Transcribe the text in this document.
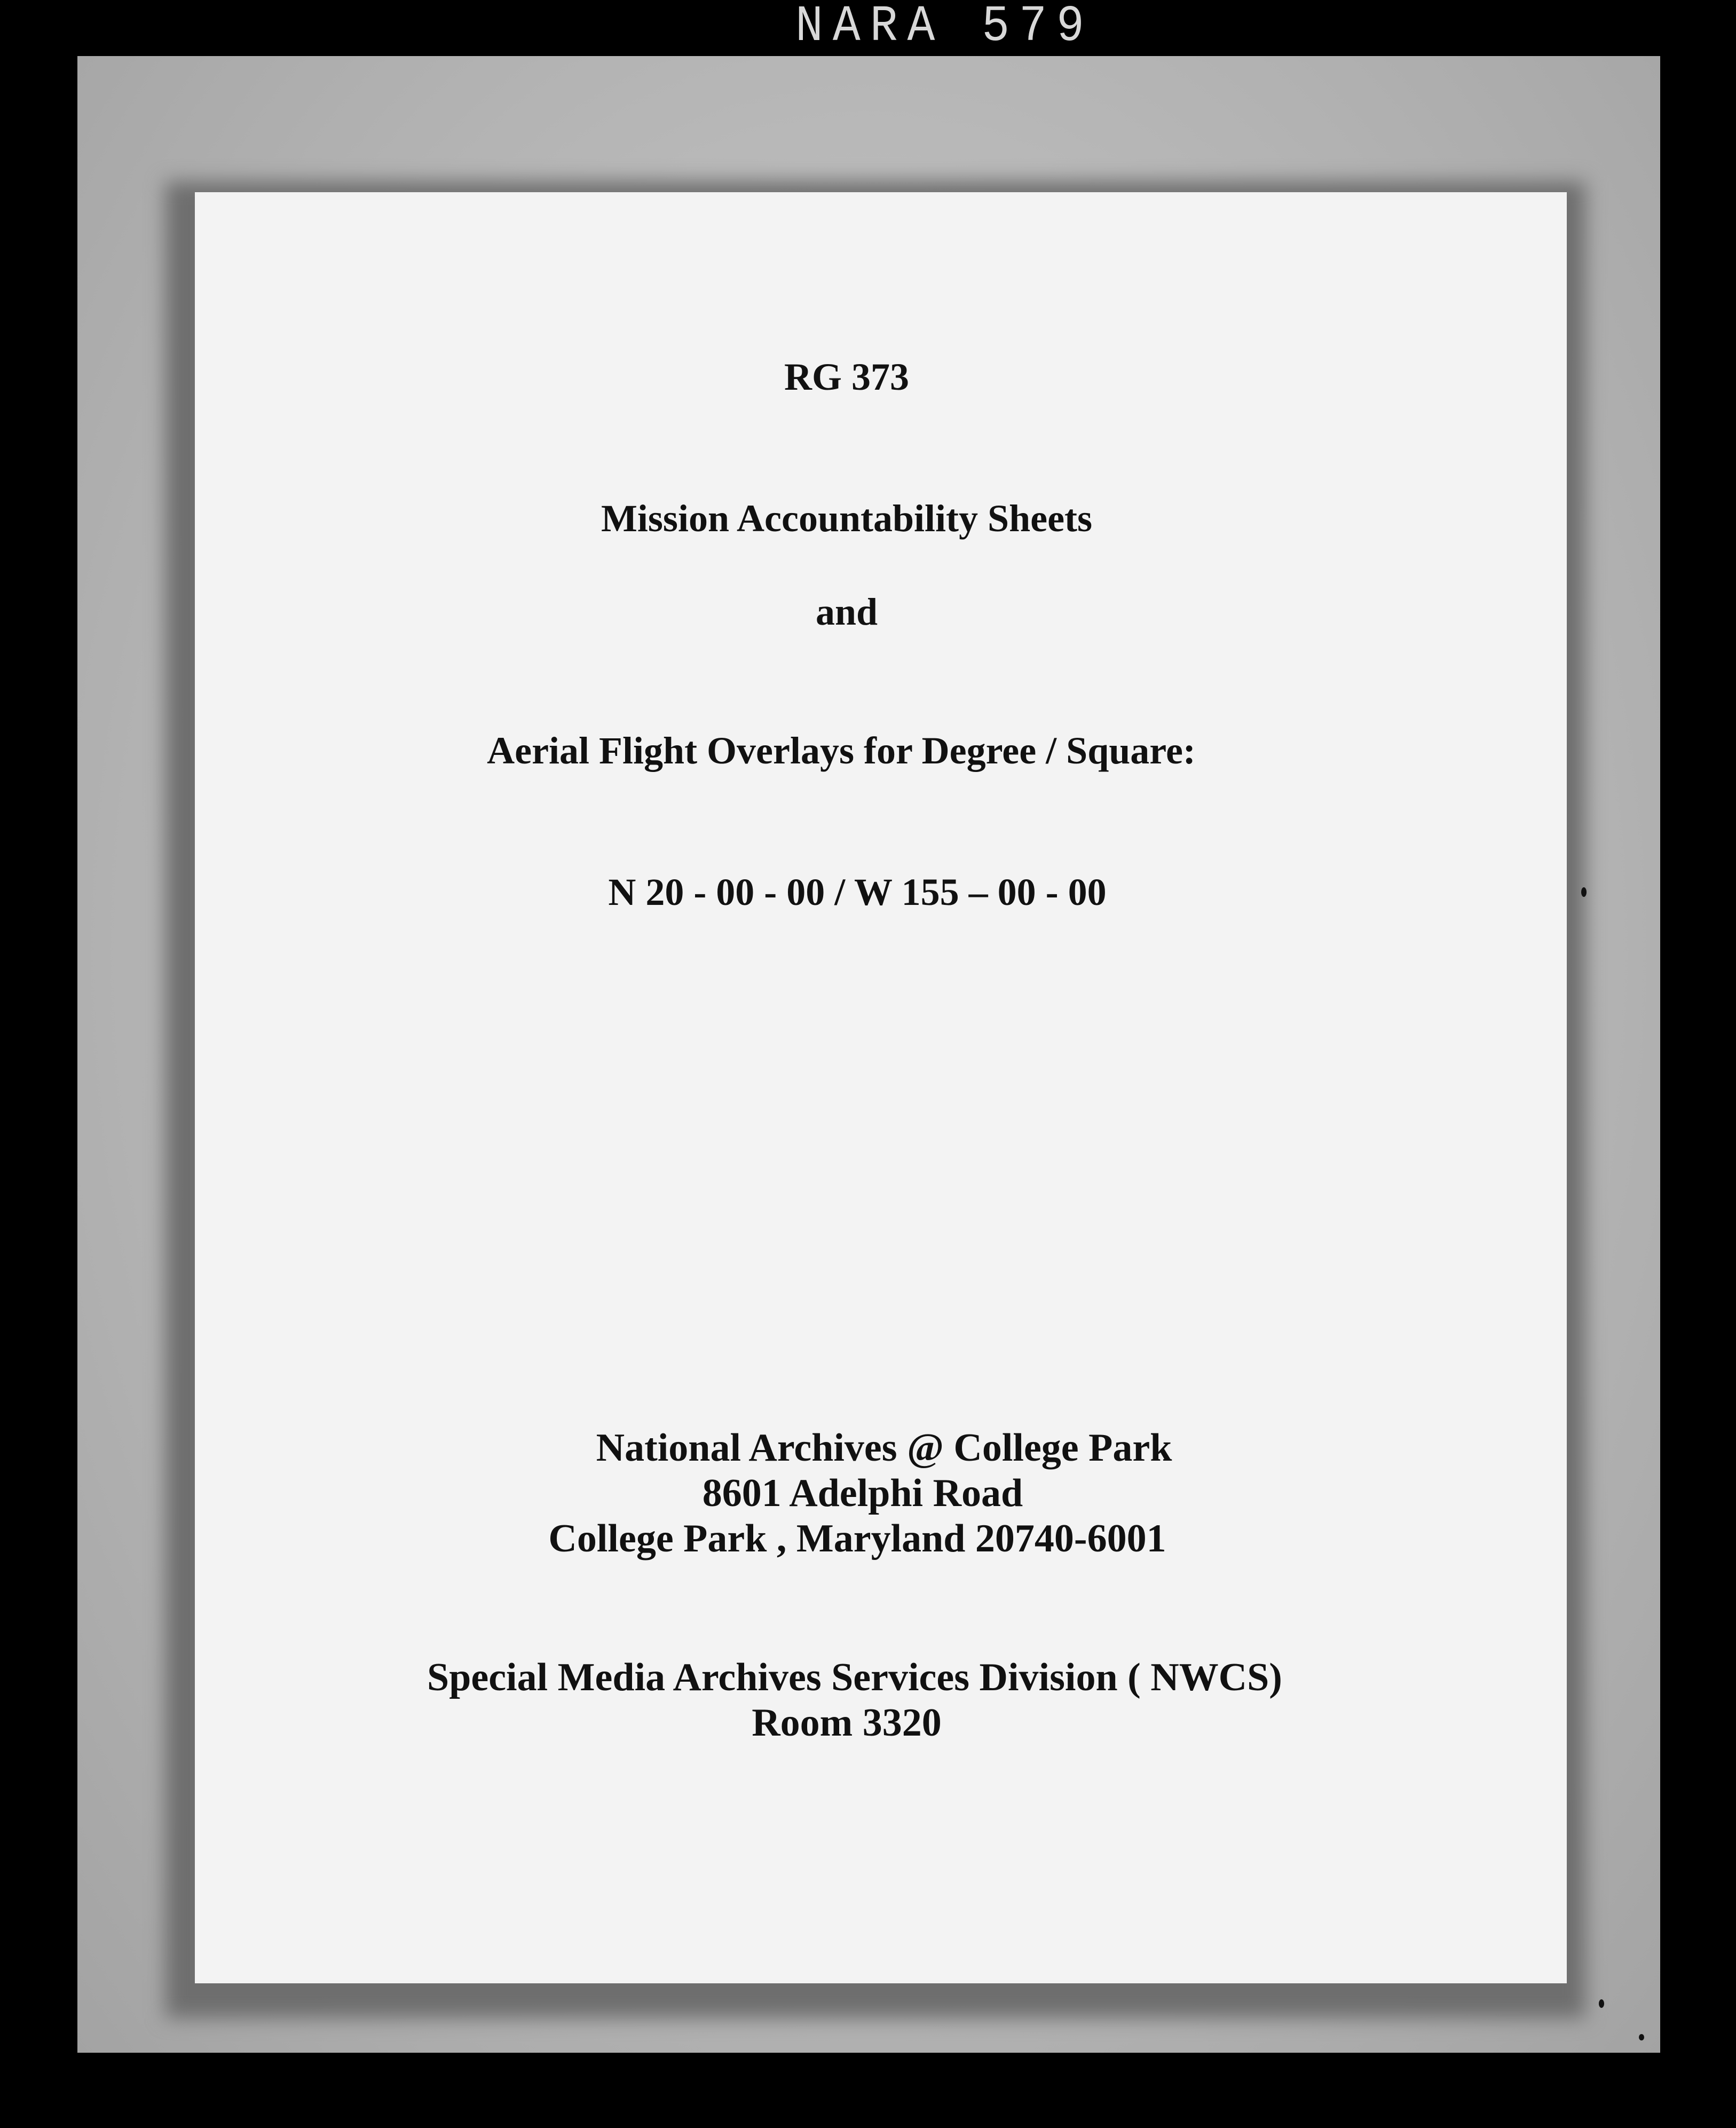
NARA 579
RG 373
Mission Accountability Sheets
and
Aerial Flight Overlays for Degree / Square:
N 20 - 00 - 00 / W 155 – 00 - 00
National Archives @ College Park
8601 Adelphi Road
College Park , Maryland 20740-6001
Special Media Archives Services Division ( NWCS)
Room 3320
